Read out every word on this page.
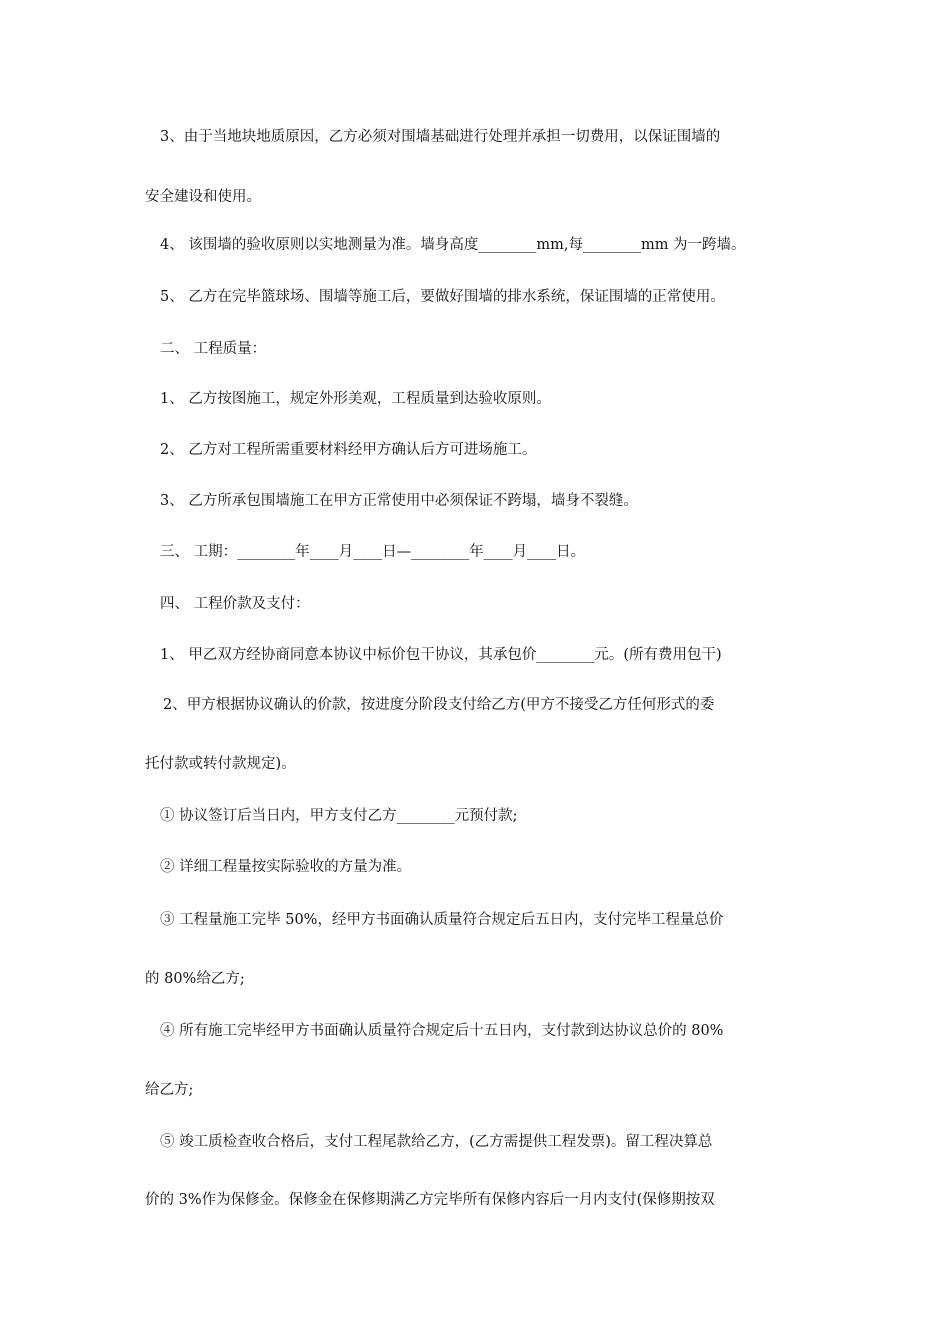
3、由于当地块地质原因，乙方必须对围墙基础进行处理并承担一切费用，以保证围墙的
安全建设和使用。
4、 该围墙的验收原则以实地测量为准。墙身高度________mm,每________mm 为一跨墙。
5、 乙方在完毕篮球场、围墙等施工后，要做好围墙的排水系统，保证围墙的正常使用。
二、 工程质量：
1、 乙方按图施工，规定外形美观，工程质量到达验收原则。
2、 乙方对工程所需重要材料经甲方确认后方可进场施工。
3、 乙方所承包围墙施工在甲方正常使用中必须保证不跨塌，墙身不裂缝。
三、 工期：________年____月____日—________年____月____日。
四、 工程价款及支付：
1、 甲乙双方经协商同意本协议中标价包干协议，其承包价________元。(所有费用包干)
2、甲方根据协议确认的价款，按进度分阶段支付给乙方(甲方不接受乙方任何形式的委
托付款或转付款规定)。
① 协议签订后当日内，甲方支付乙方________元预付款;
② 详细工程量按实际验收的方量为准。
③ 工程量施工完毕 50%，经甲方书面确认质量符合规定后五日内，支付完毕工程量总价
的 80%给乙方;
④ 所有施工完毕经甲方书面确认质量符合规定后十五日内，支付款到达协议总价的 80%
给乙方;
⑤ 竣工质检查收合格后，支付工程尾款给乙方，(乙方需提供工程发票)。留工程决算总
价的 3%作为保修金。保修金在保修期满乙方完毕所有保修内容后一月内支付(保修期按双
